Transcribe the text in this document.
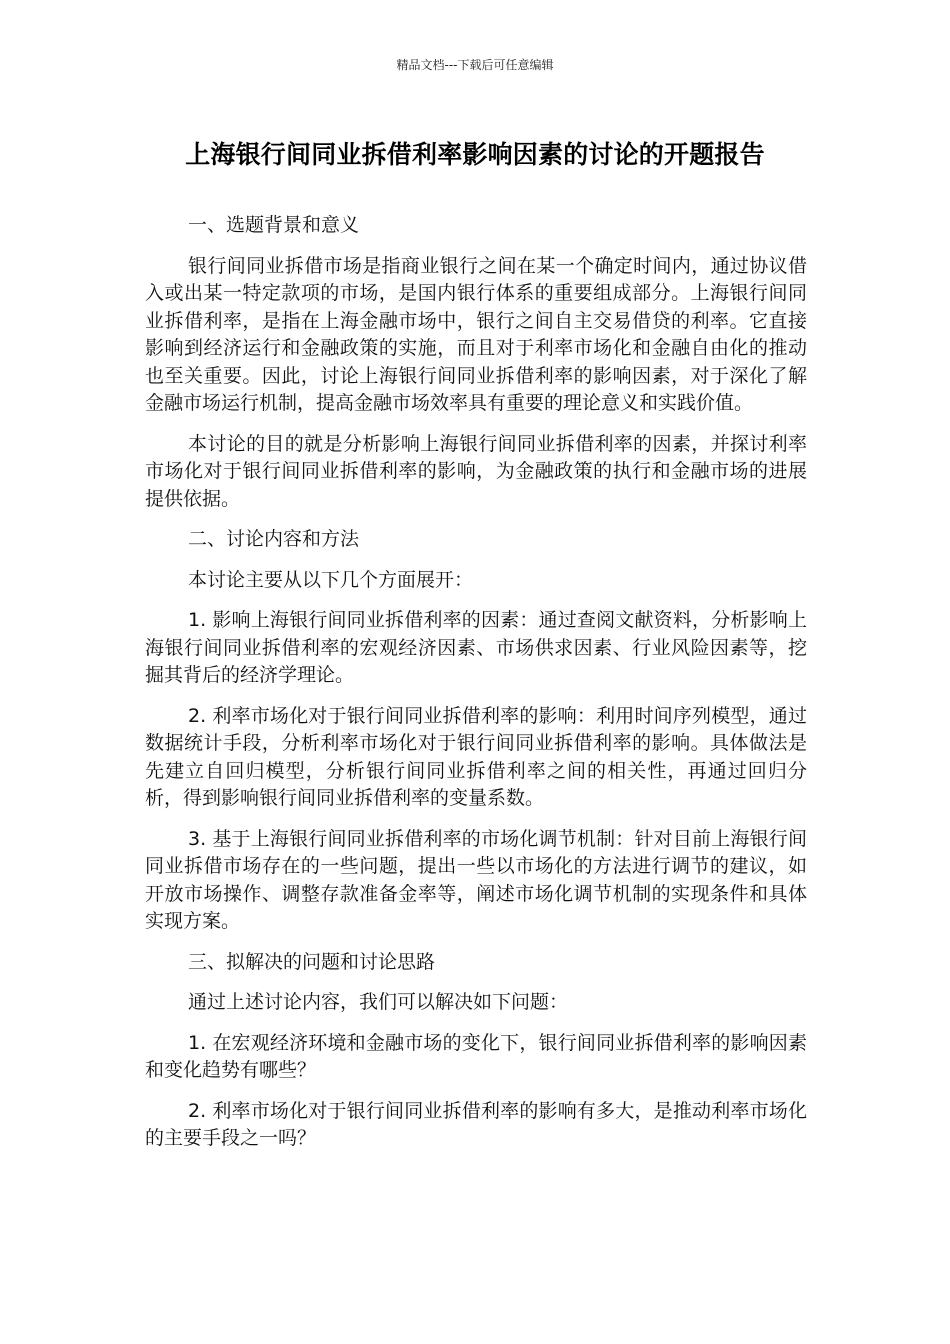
精品文档---下载后可任意编辑
上海银行间同业拆借利率影响因素的讨论的开题报告

一、选题背景和意义

银行间同业拆借市场是指商业银行之间在某一个确定时间内，通过协议借入或出某一特定款项的市场，是国内银行体系的重要组成部分。上海银行间同业拆借利率，是指在上海金融市场中，银行之间自主交易借贷的利率。它直接影响到经济运行和金融政策的实施，而且对于利率市场化和金融自由化的推动也至关重要。因此，讨论上海银行间同业拆借利率的影响因素，对于深化了解金融市场运行机制，提高金融市场效率具有重要的理论意义和实践价值。

本讨论的目的就是分析影响上海银行间同业拆借利率的因素，并探讨利率市场化对于银行间同业拆借利率的影响，为金融政策的执行和金融市场的进展提供依据。

二、讨论内容和方法

本讨论主要从以下几个方面展开：

1. 影响上海银行间同业拆借利率的因素：通过查阅文献资料，分析影响上海银行间同业拆借利率的宏观经济因素、市场供求因素、行业风险因素等，挖掘其背后的经济学理论。

2. 利率市场化对于银行间同业拆借利率的影响：利用时间序列模型，通过数据统计手段，分析利率市场化对于银行间同业拆借利率的影响。具体做法是先建立自回归模型，分析银行间同业拆借利率之间的相关性，再通过回归分析，得到影响银行间同业拆借利率的变量系数。

3. 基于上海银行间同业拆借利率的市场化调节机制：针对目前上海银行间同业拆借市场存在的一些问题，提出一些以市场化的方法进行调节的建议，如开放市场操作、调整存款准备金率等，阐述市场化调节机制的实现条件和具体实现方案。

三、拟解决的问题和讨论思路

通过上述讨论内容，我们可以解决如下问题：

1. 在宏观经济环境和金融市场的变化下，银行间同业拆借利率的影响因素和变化趋势有哪些？

2. 利率市场化对于银行间同业拆借利率的影响有多大，是推动利率市场化的主要手段之一吗？
